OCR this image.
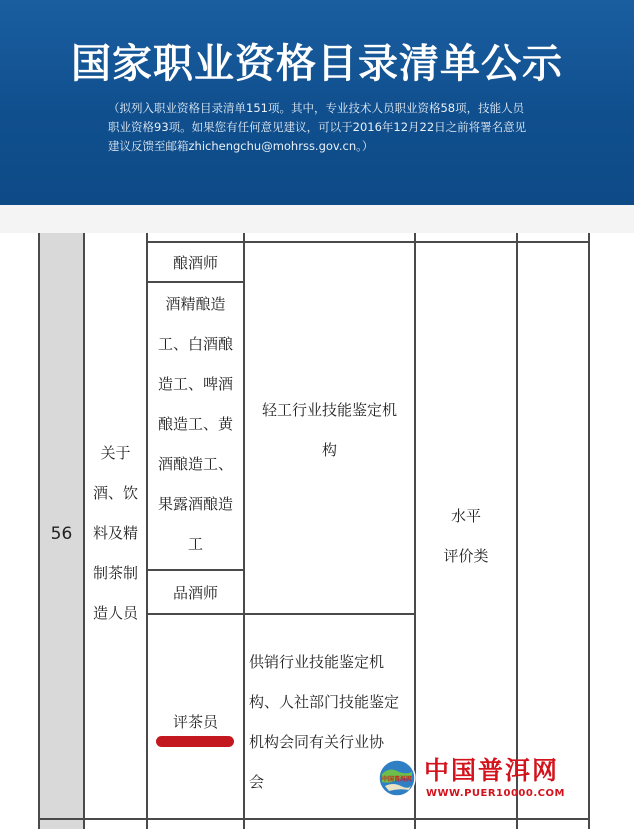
国家职业资格目录清单公示
（拟列入职业资格目录清单151项。其中，专业技术人员职业资格58项，技能人员职业资格93项。如果您有任何意见建议，可以于2016年12月22日之前将署名意见建议反馈至邮箱zhichengchu@mohrss.gov.cn。）
56
关于
酒、饮
料及精
制茶制
造人员
酿酒师
酒精酿造
工、白酒酿
造工、啤酒
酿造工、黄
酒酿造工、
果露酒酿造
工
品酒师
评茶员
轻工行业技能鉴定机
构
供销行业技能鉴定机
构、人社部门技能鉴定
机构会同有关行业协
会
水平
评价类
中国普洱网 中国普洱网
WWW.PUER10000.COM
